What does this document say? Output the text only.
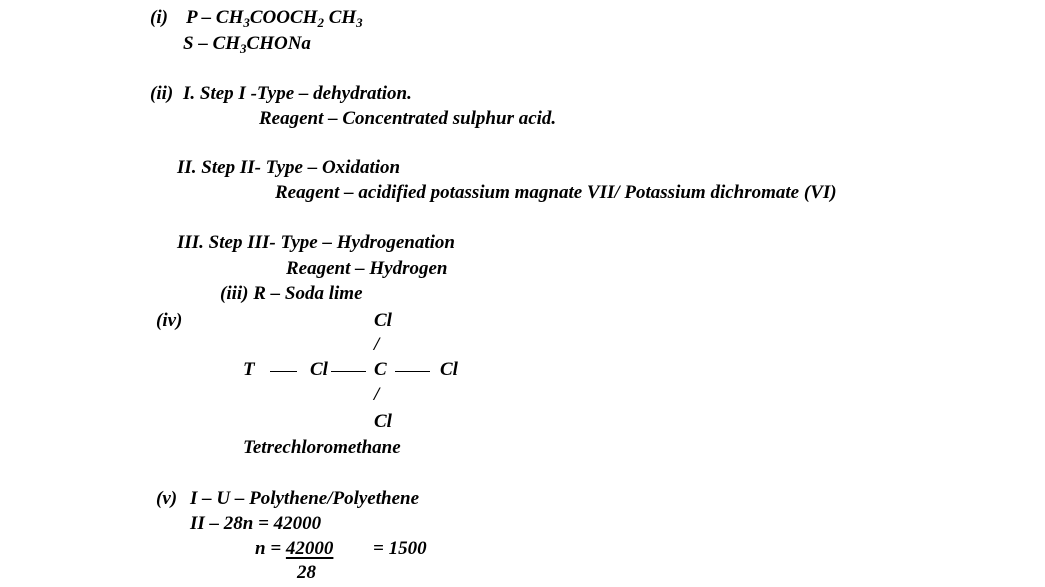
(i) P – $CH_3COOCH_2$ $CH_3$
S – $CH_3CHONa$
(ii) I. Step I -Type – dehydration.
Reagent – Concentrated sulphur acid.
II. Step II- Type – Oxidation
Reagent – acidified potassium magnate VII/ Potassium dichromate (VI)
III. Step III- Type – Hydrogenation
Reagent – Hydrogen
(iii) R – Soda lime
(iv)	Cl
/
T	Cl C	Cl
/
Cl
Tetrechloromethane
(v) I – U – Polythene/Polyethene
II – 28n = 42000
n = 42000 = 1500
28
